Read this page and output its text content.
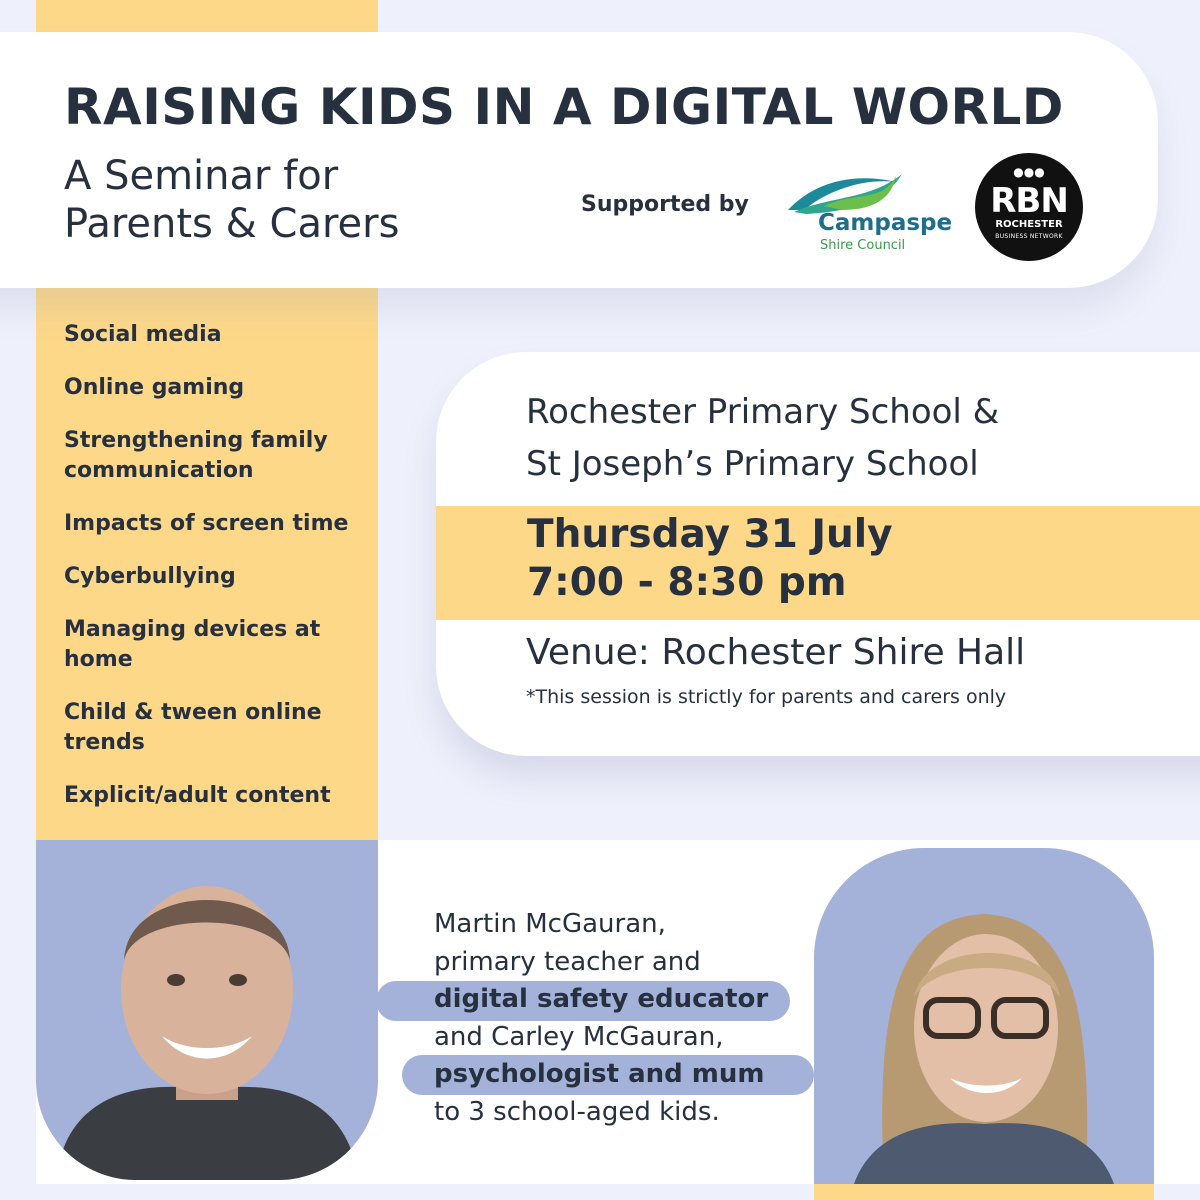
RAISING KIDS IN A DIGITAL WORLD
A Seminar for
Parents & Carers	Supported by
Campaspe
Shire Council
●●●
RBN
ROCHESTER
BUSINESS NETWORK
Social media
Online gaming
Strengthening family communication
Impacts of screen time
Cyberbullying
Managing devices at home
Child & tween online trends
Explicit/adult content
Rochester Primary School &
St Joseph’s Primary School
Thursday 31 July
7:00 - 8:30 pm
Venue: Rochester Shire Hall
*This session is strictly for parents and carers only
Martin McGauran,
primary teacher and
digital safety educator
and Carley McGauran,
psychologist and mum
to 3 school-aged kids.
